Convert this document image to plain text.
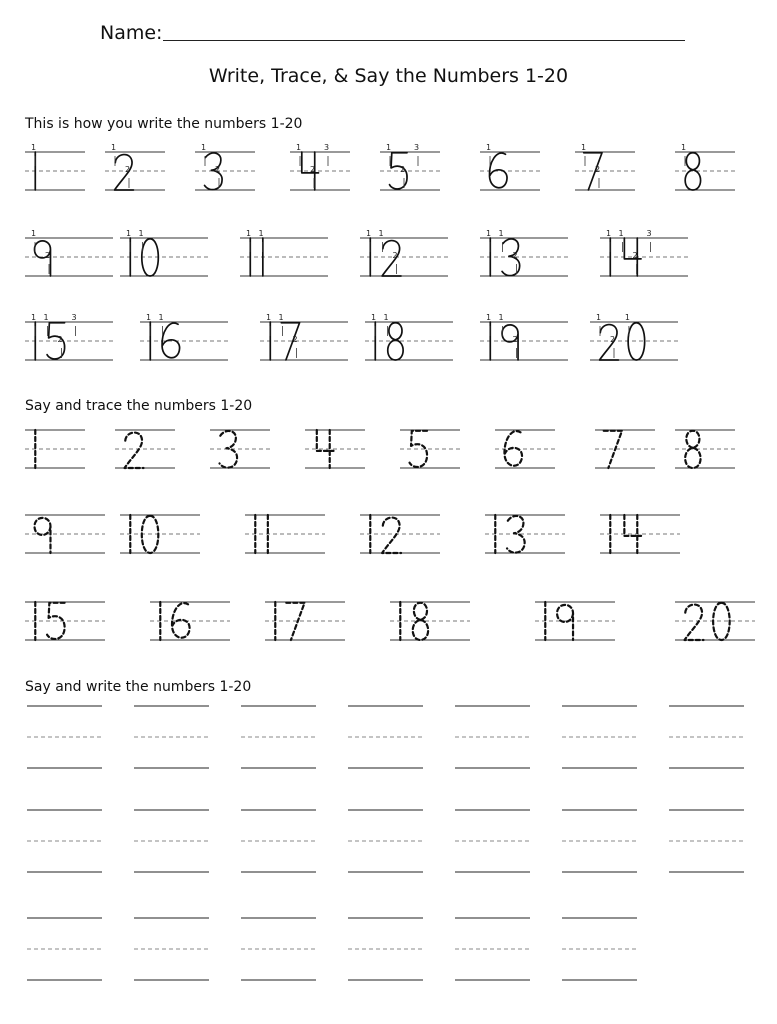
Name:
Write, Trace, & Say the Numbers 1-20
This is how you write the numbers 1-20
Say and trace the numbers 1-20
Say and write the numbers 1-20
1	1
2
1
2
1
2
3	1
2
3	1	1
2
1
1
2
1 1	1 1	1 1
2
1 1
2
1 1
2
3
1 1
2
3	1 1	1 1
2
1 1	1 1
2
1
2
1
